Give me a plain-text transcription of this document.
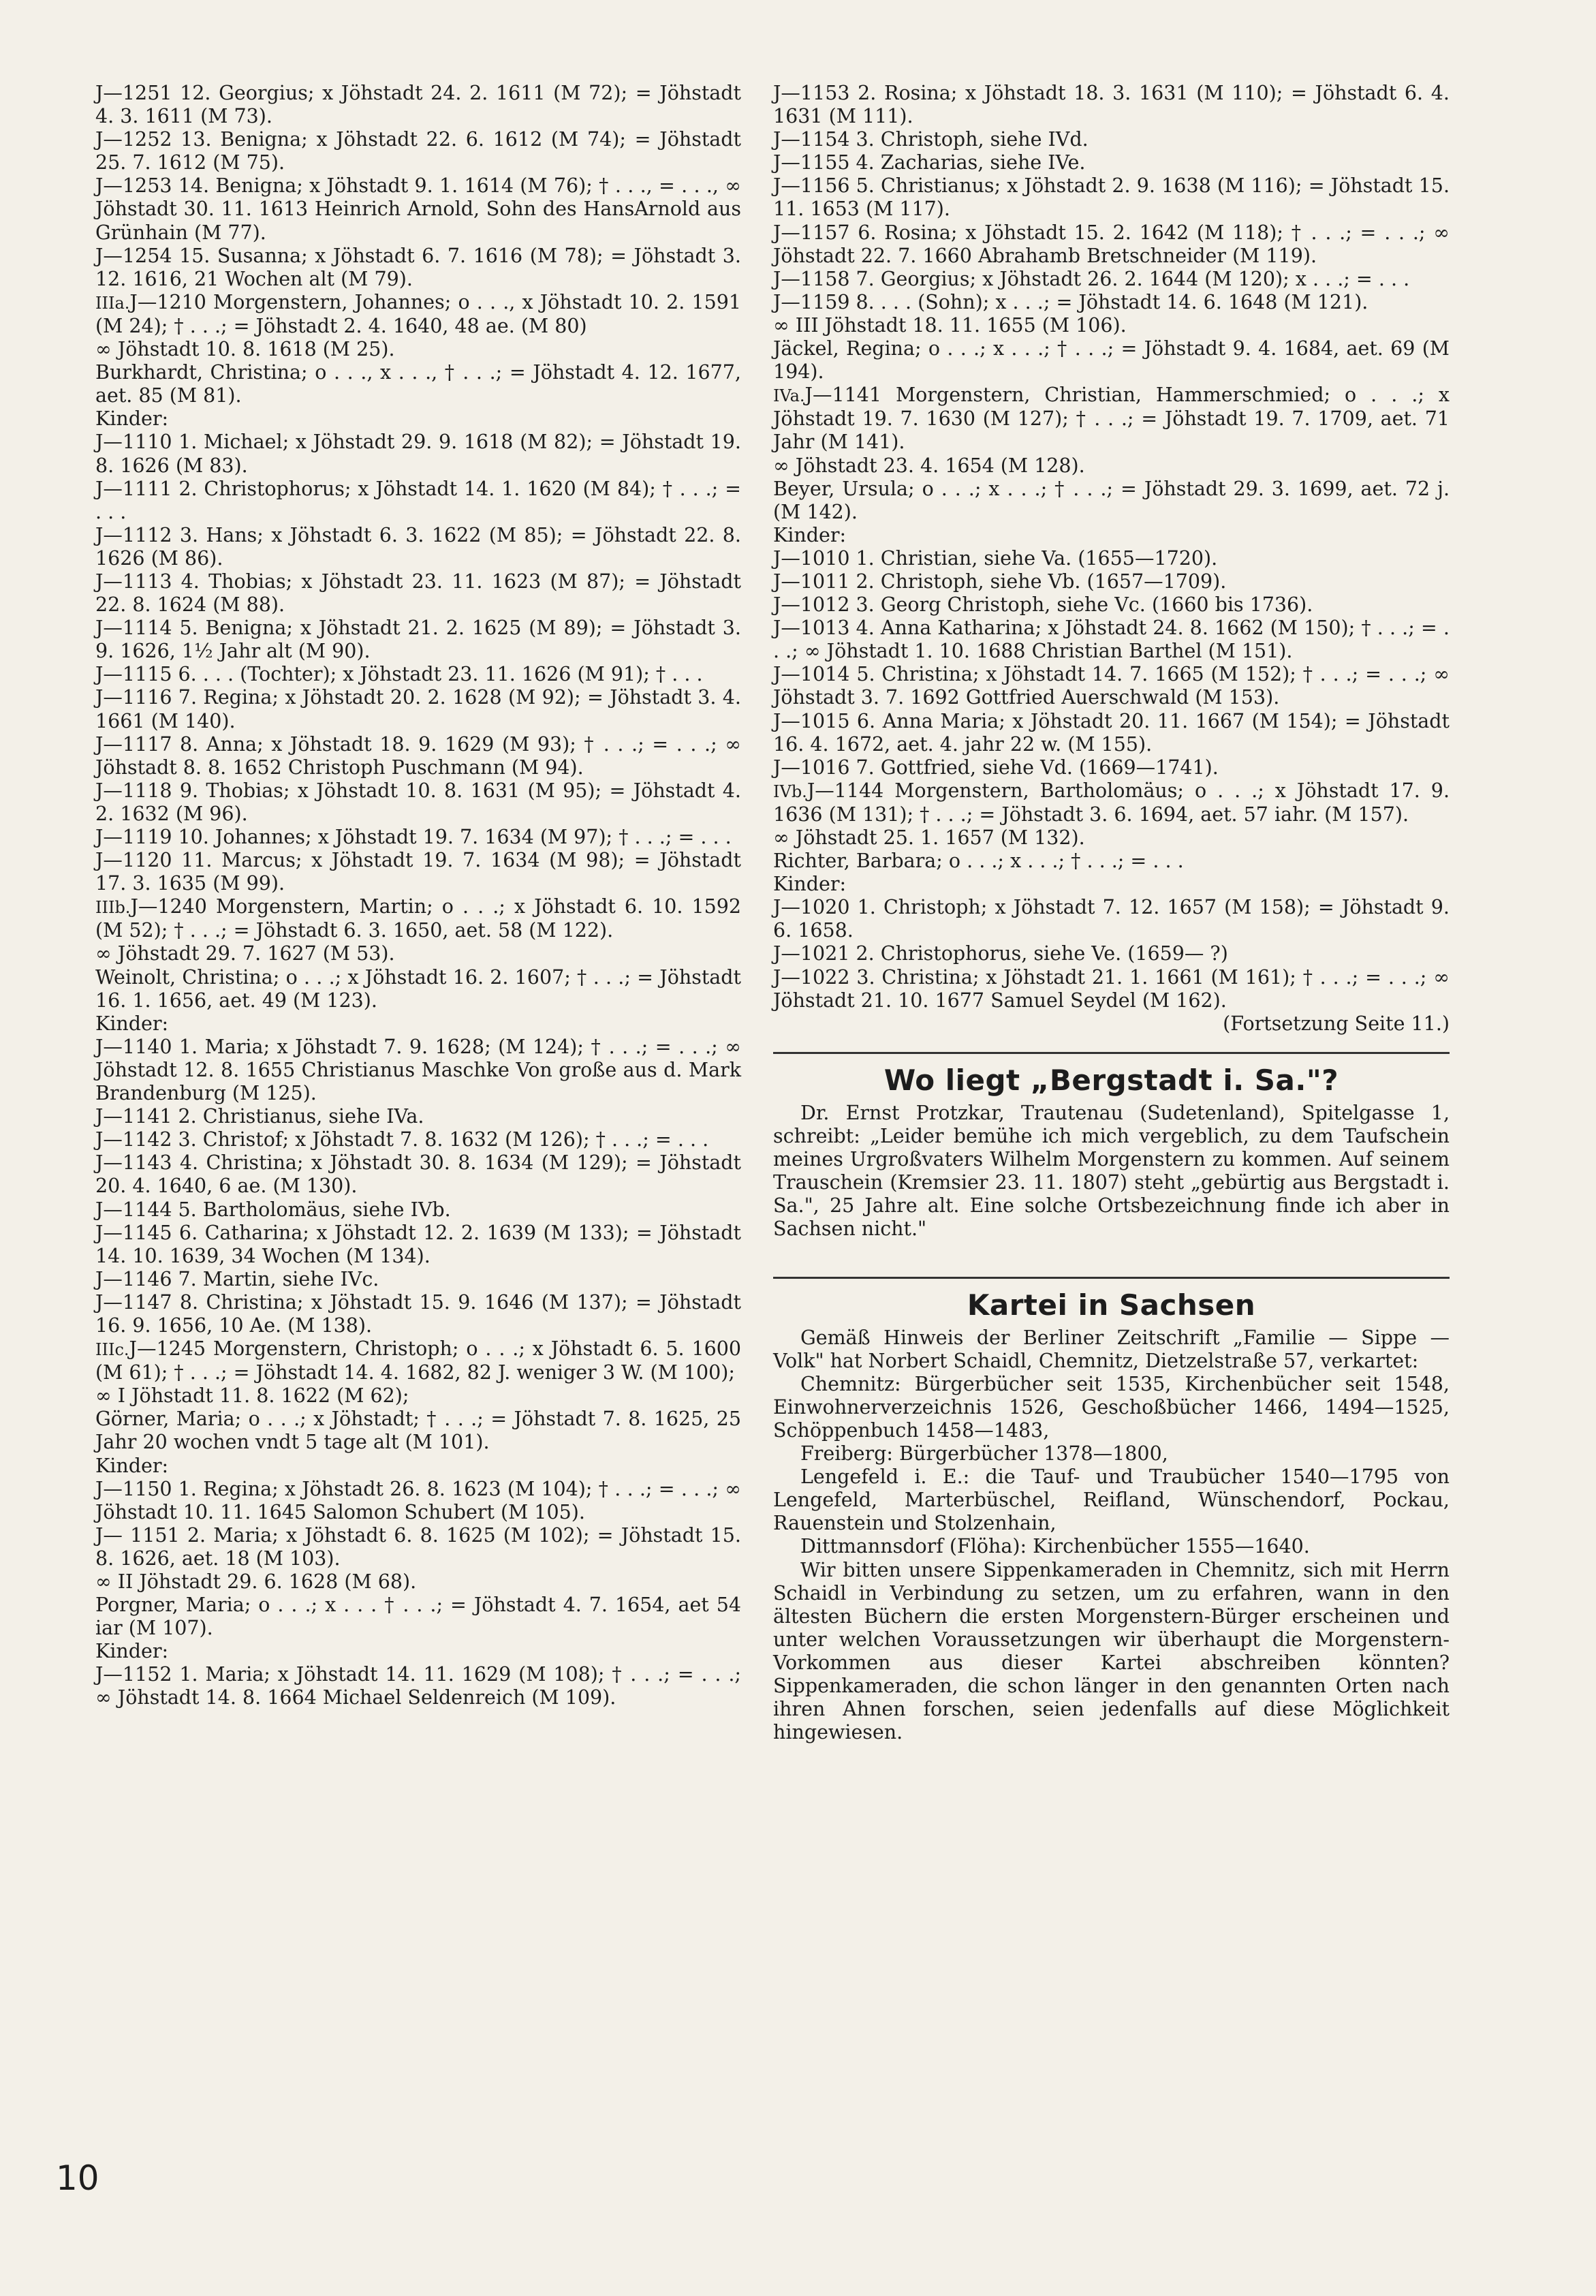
J—1251 12. Georgius; x Jöhstadt 24. 2. 1611 (M 72); = Jöhstadt 4. 3. 1611 (M 73).

J—1252 13. Benigna; x Jöhstadt 22. 6. 1612 (M 74); = Jöhstadt 25. 7. 1612 (M 75).

J—1253 14. Benigna; x Jöhstadt 9. 1. 1614 (M 76); † . . ., = . . ., ∞ Jöhstadt 30. 11. 1613 Heinrich Arnold, Sohn des HansArnold aus Grünhain (M 77).

J—1254 15. Susanna; x Jöhstadt 6. 7. 1616 (M 78); = Jöhstadt 3. 12. 1616, 21 Wochen alt (M 79).

IIIa.J—1210 Morgenstern, Johannes; o . . ., x Jöhstadt 10. 2. 1591 (M 24); † . . .; = Jöhstadt 2. 4. 1640, 48 ae. (M 80)

∞ Jöhstadt 10. 8. 1618 (M 25).

Burkhardt, Christina; o . . ., x . . ., † . . .; = Jöhstadt 4. 12. 1677, aet. 85 (M 81).

Kinder:

J—1110 1. Michael; x Jöhstadt 29. 9. 1618 (M 82); = Jöhstadt 19. 8. 1626 (M 83).

J—1111 2. Christophorus; x Jöhstadt 14. 1. 1620 (M 84); † . . .; = . . .

J—1112 3. Hans; x Jöhstadt 6. 3. 1622 (M 85); = Jöhstadt 22. 8. 1626 (M 86).

J—1113 4. Thobias; x Jöhstadt 23. 11. 1623 (M 87); = Jöhstadt 22. 8. 1624 (M 88).

J—1114 5. Benigna; x Jöhstadt 21. 2. 1625 (M 89); = Jöhstadt 3. 9. 1626, 1½ Jahr alt (M 90).

J—1115 6. . . . (Tochter); x Jöhstadt 23. 11. 1626 (M 91); † . . .

J—1116 7. Regina; x Jöhstadt 20. 2. 1628 (M 92); = Jöhstadt 3. 4. 1661 (M 140).

J—1117 8. Anna; x Jöhstadt 18. 9. 1629 (M 93); † . . .; = . . .; ∞ Jöhstadt 8. 8. 1652 Christoph Puschmann (M 94).

J—1118 9. Thobias; x Jöhstadt 10. 8. 1631 (M 95); = Jöhstadt 4. 2. 1632 (M 96).

J—1119 10. Johannes; x Jöhstadt 19. 7. 1634 (M 97); † . . .; = . . .

J—1120 11. Marcus; x Jöhstadt 19. 7. 1634 (M 98); = Jöhstadt 17. 3. 1635 (M 99).

IIIb.J—1240 Morgenstern, Martin; o . . .; x Jöhstadt 6. 10. 1592 (M 52); † . . .; = Jöhstadt 6. 3. 1650, aet. 58 (M 122).

∞ Jöhstadt 29. 7. 1627 (M 53).

Weinolt, Christina; o . . .; x Jöhstadt 16. 2. 1607; † . . .; = Jöhstadt 16. 1. 1656, aet. 49 (M 123).

Kinder:

J—1140 1. Maria; x Jöhstadt 7. 9. 1628; (M 124); † . . .; = . . .; ∞ Jöhstadt 12. 8. 1655 Christianus Maschke Von große aus d. Mark Brandenburg (M 125).

J—1141 2. Christianus, siehe IVa.

J—1142 3. Christof; x Jöhstadt 7. 8. 1632 (M 126); † . . .; = . . .

J—1143 4. Christina; x Jöhstadt 30. 8. 1634 (M 129); = Jöhstadt 20. 4. 1640, 6 ae. (M 130).

J—1144 5. Bartholomäus, siehe IVb.

J—1145 6. Catharina; x Jöhstadt 12. 2. 1639 (M 133); = Jöhstadt 14. 10. 1639, 34 Wochen (M 134).

J—1146 7. Martin, siehe IVc.

J—1147 8. Christina; x Jöhstadt 15. 9. 1646 (M 137); = Jöhstadt 16. 9. 1656, 10 Ae. (M 138).

IIIc.J—1245 Morgenstern, Christoph; o . . .; x Jöhstadt 6. 5. 1600 (M 61); † . . .; = Jöhstadt 14. 4. 1682, 82 J. weniger 3 W. (M 100);

∞ I Jöhstadt 11. 8. 1622 (M 62);

Görner, Maria; o . . .; x Jöhstadt; † . . .; = Jöhstadt 7. 8. 1625, 25 Jahr 20 wochen vndt 5 tage alt (M 101).

Kinder:

J—1150 1. Regina; x Jöhstadt 26. 8. 1623 (M 104); † . . .; = . . .; ∞ Jöhstadt 10. 11. 1645 Salomon Schubert (M 105).

J— 1151 2. Maria; x Jöhstadt 6. 8. 1625 (M 102); = Jöhstadt 15. 8. 1626, aet. 18 (M 103).

∞ II Jöhstadt 29. 6. 1628 (M 68).

Porgner, Maria; o . . .; x . . . † . . .; = Jöhstadt 4. 7. 1654, aet 54 iar (M 107).

Kinder:

J—1152 1. Maria; x Jöhstadt 14. 11. 1629 (M 108); † . . .; = . . .; ∞ Jöhstadt 14. 8. 1664 Michael Seldenreich (M 109).

J—1153 2. Rosina; x Jöhstadt 18. 3. 1631 (M 110); = Jöhstadt 6. 4. 1631 (M 111).

J—1154 3. Christoph, siehe IVd.

J—1155 4. Zacharias, siehe IVe.

J—1156 5. Christianus; x Jöhstadt 2. 9. 1638 (M 116); = Jöhstadt 15. 11. 1653 (M 117).

J—1157 6. Rosina; x Jöhstadt 15. 2. 1642 (M 118); † . . .; = . . .; ∞ Jöhstadt 22. 7. 1660 Abrahamb Bretschneider (M 119).

J—1158 7. Georgius; x Jöhstadt 26. 2. 1644 (M 120); x . . .; = . . .

J—1159 8. . . . (Sohn); x . . .; = Jöhstadt 14. 6. 1648 (M 121).

∞ III Jöhstadt 18. 11. 1655 (M 106).

Jäckel, Regina; o . . .; x . . .; † . . .; = Jöhstadt 9. 4. 1684, aet. 69 (M 194).

IVa.J—1141 Morgenstern, Christian, Hammerschmied; o . . .; x Jöhstadt 19. 7. 1630 (M 127); † . . .; = Jöhstadt 19. 7. 1709, aet. 71 Jahr (M 141).

∞ Jöhstadt 23. 4. 1654 (M 128).

Beyer, Ursula; o . . .; x . . .; † . . .; = Jöhstadt 29. 3. 1699, aet. 72 j. (M 142).

Kinder:

J—1010 1. Christian, siehe Va. (1655—1720).

J—1011 2. Christoph, siehe Vb. (1657—1709).

J—1012 3. Georg Christoph, siehe Vc. (1660 bis 1736).

J—1013 4. Anna Katharina; x Jöhstadt 24. 8. 1662 (M 150); † . . .; = . . .; ∞ Jöhstadt 1. 10. 1688 Christian Barthel (M 151).

J—1014 5. Christina; x Jöhstadt 14. 7. 1665 (M 152); † . . .; = . . .; ∞ Jöhstadt 3. 7. 1692 Gottfried Auerschwald (M 153).

J—1015 6. Anna Maria; x Jöhstadt 20. 11. 1667 (M 154); = Jöhstadt 16. 4. 1672, aet. 4. jahr 22 w. (M 155).

J—1016 7. Gottfried, siehe Vd. (1669—1741).

IVb.J—1144 Morgenstern, Bartholomäus; o . . .; x Jöhstadt 17. 9. 1636 (M 131); † . . .; = Jöhstadt 3. 6. 1694, aet. 57 iahr. (M 157).

∞ Jöhstadt 25. 1. 1657 (M 132).

Richter, Barbara; o . . .; x . . .; † . . .; = . . .

Kinder:

J—1020 1. Christoph; x Jöhstadt 7. 12. 1657 (M 158); = Jöhstadt 9. 6. 1658.

J—1021 2. Christophorus, siehe Ve. (1659— ?)

J—1022 3. Christina; x Jöhstadt 21. 1. 1661 (M 161); † . . .; = . . .; ∞ Jöhstadt 21. 10. 1677 Samuel Seydel (M 162).

(Fortsetzung Seite 11.)

Wo liegt „Bergstadt i. Sa."?

Dr. Ernst Protzkar, Trautenau (Sudetenland), Spitelgasse 1, schreibt: „Leider bemühe ich mich vergeblich, zu dem Taufschein meines Urgroßvaters Wilhelm Morgenstern zu kommen. Auf seinem Trauschein (Kremsier 23. 11. 1807) steht „gebürtig aus Bergstadt i. Sa.", 25 Jahre alt. Eine solche Ortsbezeichnung finde ich aber in Sachsen nicht."

Kartei in Sachsen

Gemäß Hinweis der Berliner Zeitschrift „Familie — Sippe — Volk" hat Norbert Schaidl, Chemnitz, Dietzelstraße 57, verkartet:

Chemnitz: Bürgerbücher seit 1535, Kirchenbücher seit 1548, Einwohnerverzeichnis 1526, Geschoßbücher 1466, 1494—1525, Schöppenbuch 1458—1483,

Freiberg: Bürgerbücher 1378—1800,

Lengefeld i. E.: die Tauf- und Traubücher 1540—1795 von Lengefeld, Marterbüschel, Reifland, Wünschendorf, Pockau, Rauenstein und Stolzenhain,

Dittmannsdorf (Flöha): Kirchenbücher 1555—1640.

Wir bitten unsere Sippenkameraden in Chemnitz, sich mit Herrn Schaidl in Verbindung zu setzen, um zu erfahren, wann in den ältesten Büchern die ersten Morgenstern-Bürger erscheinen und unter welchen Voraussetzungen wir überhaupt die Morgenstern-Vorkommen aus dieser Kartei abschreiben könnten? Sippenkameraden, die schon länger in den genannten Orten nach ihren Ahnen forschen, seien jedenfalls auf diese Möglichkeit hingewiesen.

10
